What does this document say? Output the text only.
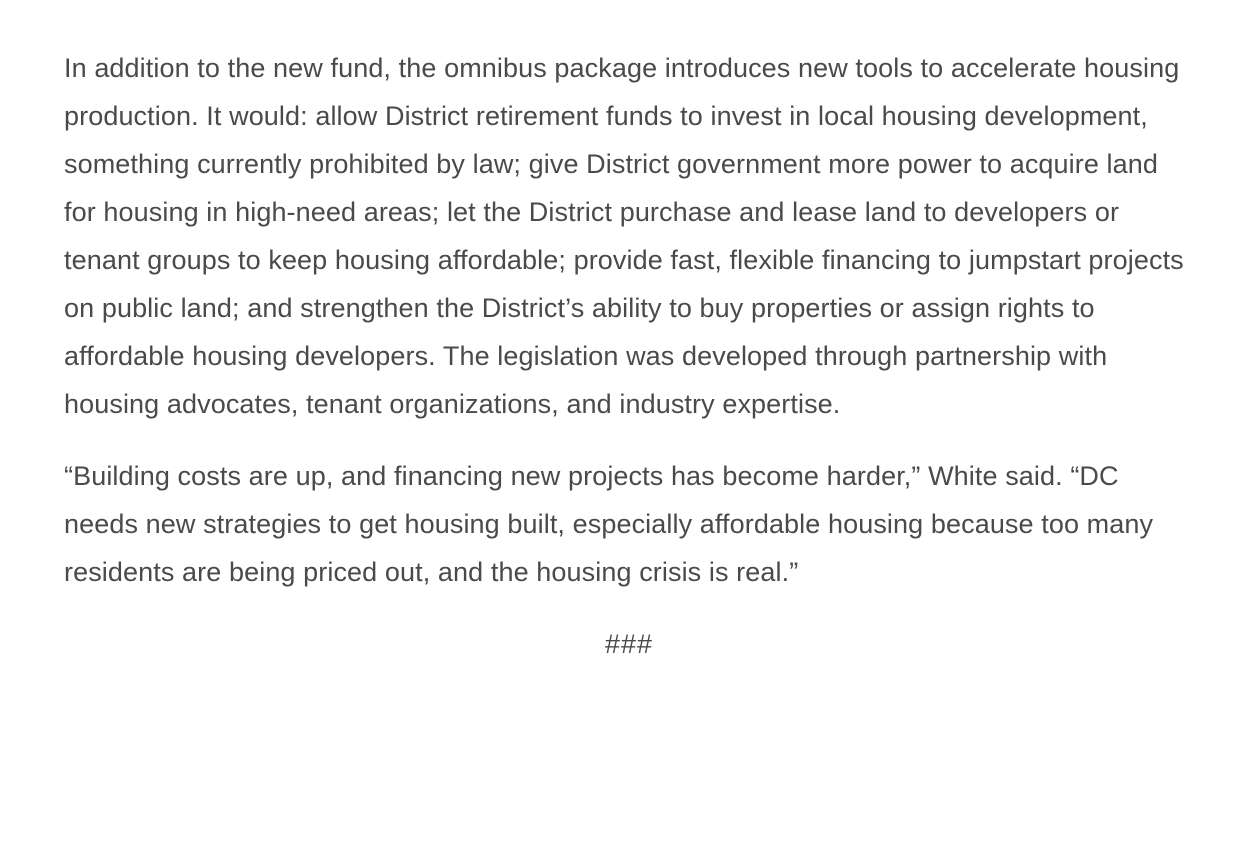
In addition to the new fund, the omnibus package introduces new tools to accelerate housing production. It would: allow District retirement funds to invest in local housing development, something currently prohibited by law; give District government more power to acquire land for housing in high-need areas; let the District purchase and lease land to developers or tenant groups to keep housing affordable; provide fast, flexible financing to jumpstart projects on public land; and strengthen the District’s ability to buy properties or assign rights to affordable housing developers. The legislation was developed through partnership with housing advocates, tenant organizations, and industry expertise.

“Building costs are up, and financing new projects has become harder,” White said. “DC needs new strategies to get housing built, especially affordable housing because too many residents are being priced out, and the housing crisis is real.”

###
